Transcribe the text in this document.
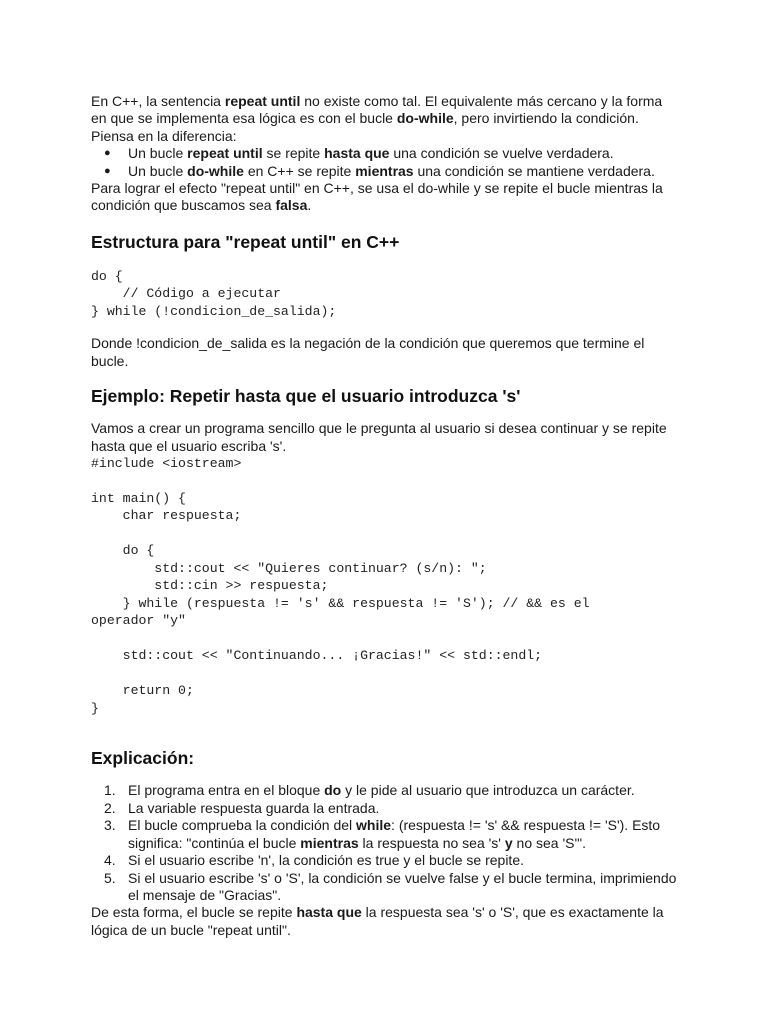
En C++, la sentencia repeat until no existe como tal. El equivalente más cercano y la forma en que se implementa esa lógica es con el bucle do-while, pero invirtiendo la condición.

Piensa en la diferencia:

● Un bucle repeat until se repite hasta que una condición se vuelve verdadera.
● Un bucle do-while en C++ se repite mientras una condición se mantiene verdadera.

Para lograr el efecto "repeat until" en C++, se usa el do-while y se repite el bucle mientras la condición que buscamos sea falsa.

Estructura para "repeat until" en C++
do {
// Código a ejecutar
} while (!condicion_de_salida);

Donde !condicion_de_salida es la negación de la condición que queremos que termine el bucle.

Ejemplo: Repetir hasta que el usuario introduzca 's'

Vamos a crear un programa sencillo que le pregunta al usuario si desea continuar y se repite hasta que el usuario escriba 's'.

#include <iostream>

int main() {
char respuesta;

do {
std::cout << "Quieres continuar? (s/n): ";
std::cin >> respuesta;
} while (respuesta != 's' && respuesta != 'S'); // && es el
operador "y"

std::cout << "Continuando... ¡Gracias!" << std::endl;

return 0;
}
Explicación:
1. El programa entra en el bloque do y le pide al usuario que introduzca un carácter.
2. La variable respuesta guarda la entrada.
3. El bucle comprueba la condición del while: (respuesta != 's' && respuesta != 'S'). Esto significa: "continúa el bucle mientras la respuesta no sea 's' y no sea 'S'".
4. Si el usuario escribe 'n', la condición es true y el bucle se repite.
5. Si el usuario escribe 's' o 'S', la condición se vuelve false y el bucle termina, imprimiendo el mensaje de "Gracias".

De esta forma, el bucle se repite hasta que la respuesta sea 's' o 'S', que es exactamente la lógica de un bucle "repeat until".
